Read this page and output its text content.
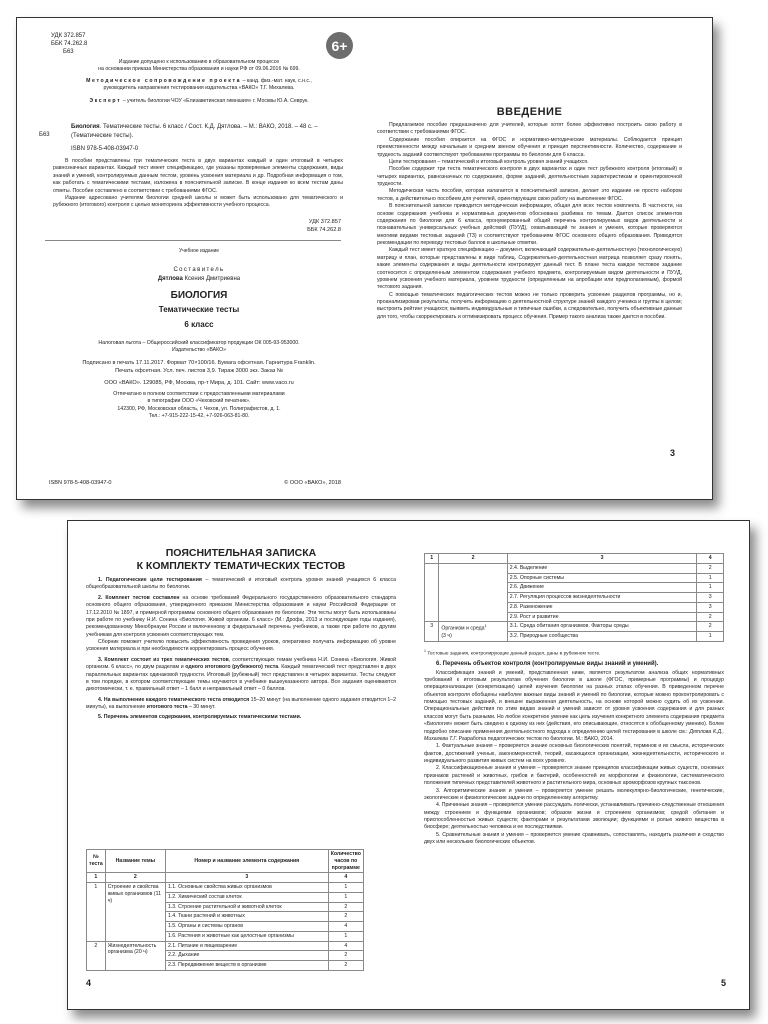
УДК 372.857
ББК 74.262.8
Б63	6+
Издание допущено к использованию в образовательном процессе
на основании приказа Министерства образования и науки РФ от 09.06.2016 № 699.
Методическое сопровождение проекта – канд. физ.-мат. наук, с.н.с.,
руководитель направления тестирования издательства «ВАКО» Т.Г. Михалева.
Эксперт – учитель биологии ЧОУ «Елизаветинская гимназия» г. Москвы Ю.А. Севрук.
Б63
Биология. Тематические тесты. 6 класс / Сост. К.Д. Дятлова. – М.: ВАКО, 2018. – 48 с. – (Тематические тесты).
ISBN 978-5-408-03947-0

В пособии представлены три тематических теста в двух вариантах каждый и один итоговый в четырех равнозначных вариантах. Каждый тест имеет спецификацию, где указаны проверяемые элементы содержания, виды знаний и умений, контролируемых данным тестом, уровень усвоения материала и др. Подробная информация о том, как работать с тематическими тестами, изложена в пояснительной записке. В конце издания ко всем тестам даны ответы. Пособие составлено в соответствии с требованиями ФГОС.

Издание адресовано учителям биологии средней школы и может быть использовано для тематического и рубежного (итогового) контроля с целью мониторинга эффективности учебного процесса.

УДК 372.857
ББК 74.262.8
Учебное издание
Составитель
Дятлова Ксения Дмитриевна
БИОЛОГИЯ
Тематические тесты
6 класс
Налоговая льгота – Общероссийский классификатор продукции ОК 005-93-953000.
Издательство «ВАКО»
Подписано в печать 17.11.2017. Формат 70×100/16. Бумага офсетная. Гарнитура Franklin.
Печать офсетная. Усл. печ. листов 3,9. Тираж 3000 экз. Заказ №
ООО «ВАКО». 129085, РФ, Москва, пр-т Мира, д. 101. Сайт: www.vaco.ru
Отпечатано в полном соответствии с предоставленными материалами
в типографии ООО «Чеховский печатник».
142300, РФ, Московская область, г. Чехов, ул. Полиграфистов, д. 1.
Тел.: +7-915-222-15-42, +7-926-063-81-80.
ISBN 978-5-408-03947-0	© ООО «ВАКО», 2018
ВВЕДЕНИЕ

Предлагаемое пособие предназначено для учителей, которые хотят более эффективно построить свою работу в соответствии с требованиями ФГОС.

Содержание пособия опирается на ФГОС и нормативно-методические материалы. Соблюдается принцип преемственности между начальным и средним звеном обучения и принцип перспективности. Количество, содержание и трудность заданий соответствуют требованиям программы по биологии для 6 класса.

Цели тестирования – тематический и итоговый контроль уровня знаний учащихся.

Пособие содержит три теста тематического контроля в двух вариантах и один тест рубежного контроля (итоговый) в четырех вариантах, равнозначных по содержанию, форме заданий, деятельностным характеристикам и ориентировочной трудности.

Методическая часть пособия, которая излагается в пояснительной записке, делает это издание не просто набором тестов, а действительно пособием для учителей, ориентирующих свою работу на выполнение ФГОС.

В пояснительной записке приводится методическая информация, общая для всех тестов комплекта. В частности, на основе содержания учебника и нормативных документов обоснована разбивка по темам. Дается список элементов содержания по биологии для 6 класса, пронумерованный общий перечень контролируемых видов деятельности и познавательных универсальных учебных действий (ПУУД), охватывающий те знания и умения, которые проверяются многими видами тестовых заданий (ТЗ) и соответствуют требованиям ФГОС основного общего образования. Приводятся рекомендации по переводу тестовых баллов в школьные отметки.

Каждый тест имеет краткую спецификацию – документ, включающий содержательно-деятельностную (технологическую) матрицу и план, которые представлены в виде таблиц. Содержательно-деятельностная матрица позволяет сразу понять, какие элементы содержания и виды деятельности контролирует данный тест. В плане теста каждое тестовое задание соотносится с определенным элементом содержания учебного предмета, контролируемым видом деятельности и ПУУД, уровнем усвоения учебного материала, уровнем трудности (определенным на апробации или предполагаемым), формой тестового задания.

С помощью тематических педагогических тестов можно не только проверить усвоение разделов программы, но и, проанализировав результаты, получить информацию о деятельностной структуре знаний каждого ученика и группы в целом; выстроить рейтинг учащихся; выявить индивидуальные и типичные ошибки, а следовательно, получить объективные данные для того, чтобы скорректировать и оптимизировать процесс обучения. Пример такого анализа также дается в пособии.

3
ПОЯСНИТЕЛЬНАЯ ЗАПИСКА
К КОМПЛЕКТУ ТЕМАТИЧЕСКИХ ТЕСТОВ

1. Педагогические цели тестирования – тематический и итоговый контроль уровня знаний учащихся 6 класса общеобразовательной школы по биологии.

2. Комплект тестов составлен на основе требований Федерального государственного образовательного стандарта основного общего образования, утвержденного приказом Министерства образования и науки Российской Федерации от 17.12.2010 № 1897, и примерной программы основного общего образования по биологии. Эти тесты могут быть использованы при работе по учебнику Н.И. Сонина «Биология. Живой организм. 6 класс» (М.: Дрофа, 2013 и последующие годы издания), рекомендованному Минобрнауки России и включенному в федеральный перечень учебников, а также при работе по другим учебникам для контроля усвоения соответствующих тем.

Сборник поможет учителю повысить эффективность проведения уроков, оперативно получать информацию об уровне усвоения материала и при необходимости корректировать процесс обучения.

3. Комплект состоит из трех тематических тестов, соответствующих темам учебника Н.И. Сонина «Биология. Живой организм. 6 класс», по двум разделам и одного итогового (рубежного) теста. Каждый тематический тест представлен в двух параллельных вариантах одинаковой трудности. Итоговый (рубежный) тест представлен в четырех вариантах. Тесты следуют в том порядке, в котором соответствующие темы изучаются в учебнике вышеуказанного автора. Все задания оцениваются дихотомически, т. е. правильный ответ – 1 балл и неправильный ответ – 0 баллов.

4. На выполнение каждого тематического теста отводится 15–20 минут (на выполнение одного задания отводится 1–2 минуты), на выполнение итогового теста – 30 минут.

5. Перечень элементов содержания, контролируемых тематическими тестами.

№ теста	Название темы	Номер и название элемента содержания	Количество часов по программе
1	2	3	4
1	Строение и свойства живых организмов (11 ч)	1.1. Основные свойства живых организмов	1
		1.2. Химический состав клеток	1
		1.3. Строение растительной и животной клеток	2
		1.4. Ткани растений и животных	2
		1.5. Органы и системы органов	4
		1.6. Растения и животные как целостные организмы	1
2	Жизнедеятельность организма (20 ч)	2.1. Питание и пищеварение	4
		2.2. Дыхание	2
		2.3. Передвижение веществ в организме	2
4
1	2	3	4
		2.4. Выделение	2
		2.5. Опорные системы	1
		2.6. Движение	1
		2.7. Регуляция процессов жизнедеятельности	3
		2.8. Размножение	3
		2.9. Рост и развитие	2
3	Организм и среда$^1$
(3 ч)	3.1. Среда обитания организмов. Факторы среды	2
		3.2. Природные сообщества	1
$^1$ Тестовые задания, контролирующие данный раздел, даны в рубежном тесте.

6. Перечень объектов контроля (контролируемые виды знаний и умений).

Классификация знаний и умений, представленная ниже, является результатом анализа общих нормативных требований к итоговым результатам обучения биологии в школе (ФГОС, примерные программы) и процедур операционализации (конкретизации) целей изучения биологии на разных этапах обучения. В приведенном перечне объектов контроля обобщены наиболее важные виды знаний и умений по биологии, которые можно проконтролировать с помощью тестовых заданий, и внешне выраженная деятельность, на основе которой можно судить об их усвоении. Операциональные действия по этим видам знаний и умений зависят от уровня усвоения содержания и для разных классов могут быть разными. Но любое конкретное умение как цель изучения конкретного элемента содержания предмета «Биология» может быть сведено к одному из них (действия, его описывающие, относятся к обобщенному умению). Более подробно описание применения деятельностного подхода к определению целей тестирования в школе см.: Дятлова К.Д., Михалева Т.Г. Разработка педагогических тестов по биологии. М.: ВАКО, 2014.

1. Фактуальные знания – проверяется знание основных биологических понятий, терминов и их смысла, исторических фактов, достижений ученых, закономерностей, теорий, касающихся организации, жизнедеятельности, исторического и индивидуального развития живых систем на всех уровнях.

2. Классификационные знания и умения – проверяется знание принципов классификации живых существ, основных признаков растений и животных, грибов и бактерий, особенностей их морфологии и физиологии, систематического положения типичных представителей животного и растительного мира, основных ароморфозов крупных таксонов.

3. Алгоритмические знания и умения – проверяется умение решать молекулярно-биологические, генетические, экологические и физиологические задачи по определенному алгоритму.

4. Причинные знания – проверяется умение рассуждать логически, устанавливать причинно-следственные отношения между строением и функциями организмов; образом жизни и строением организмов; средой обитания и приспособленностью живых существ; факторами и результатами эволюции; функциями и ролью живого вещества в биосфере; деятельностью человека и ее последствиями.

5. Сравнительные знания и умения – проверяется умение сравнивать, сопоставлять, находить различия и сходство двух или нескольких биологических объектов.

5
